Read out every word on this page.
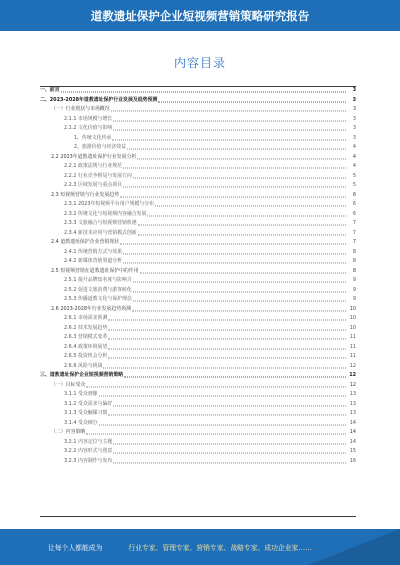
道教遗址保护企业短视频营销策略研究报告
内容目录
一、前言	3
二、2023-2028年道教遗址保护行业发展及趋势预测	3
（一）行业现状与市场概况	3
2.1.1 市场规模与增长	3
2.1.2 文化价值与影响	3
1、传统文化传承	3
2、旅游价值与经济效益	4
2.2 2023年道教遗址保护行业发展分析	4
2.2.1 政策法规与行业规范	4
2.2.2 行业竞争格局与发展方向	5
2.2.3 区域发展与重点项目	5
2.3 短视频营销与行业发展趋势	6
2.3.1 2023年短视频平台用户规模与分布	6
2.3.2 传统文化与短视频内容融合发展	6
2.3.3 文旅融合与短视频营销机遇	7
2.3.4 新技术应用与营销模式创新	7
2.4 道教遗址保护企业营销现状	7
2.4.1 传统营销方式与效果	8
2.4.2 新媒体营销渠道分析	8
2.5 短视频营销在道教遗址保护中的作用	8
2.5.1 提升品牌知名度与影响力	9
2.5.2 促进文旅消费与游客转化	9
2.5.3 传播道教文化与保护理念	9
2.6 2023-2028年行业发展趋势预测	10
2.6.1 市场需求预测	10
2.6.2 技术发展趋势	10
2.6.3 营销模式变革	11
2.6.4 政策环境展望	11
2.6.5 投资机会分析	11
2.6.6 风险与挑战	12
三、道教遗址保护企业短视频营销策略	12
（一）目标受众	12
3.1.1 受众画像	13
3.1.2 受众需求与偏好	13
3.1.3 受众触媒习惯	13
3.1.4 受众细分	14
（二）内容策略	14
3.2.1 内容定位与主题	14
3.2.2 内容形式与创意	15
3.2.3 内容制作与发布	16
让每个人都能成为	行业专家、管理专家、营销专家、战略专家、成功企业家……
